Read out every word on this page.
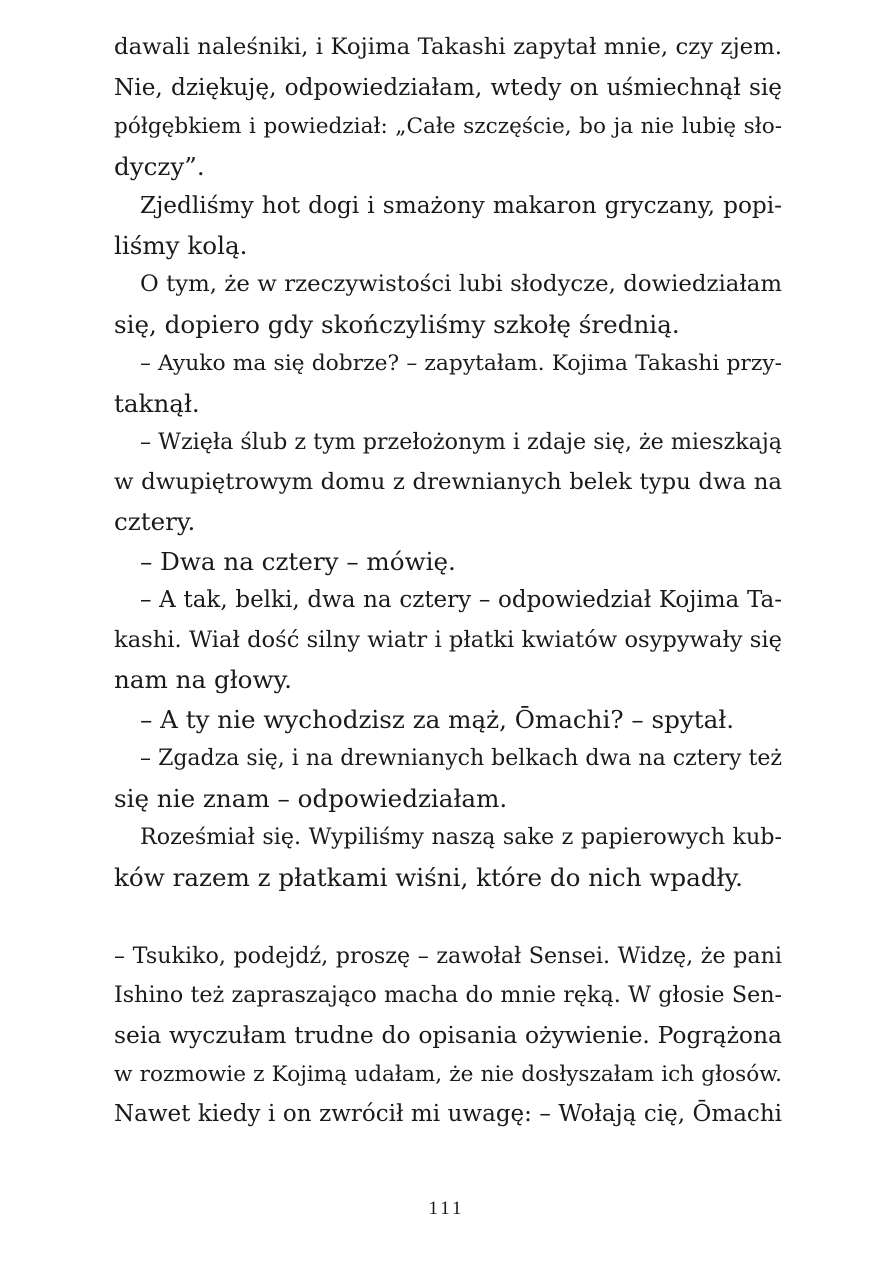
dawali naleśniki, i Kojima Takashi zapytał mnie, czy zjem.
Nie, dziękuję, odpowiedziałam, wtedy on uśmiechnął się
półgębkiem i powiedział: „Całe szczęście, bo ja nie lubię sło-
dyczy”.
Zjedliśmy hot dogi i smażony makaron gryczany, popi-
liśmy kolą.
O tym, że w rzeczywistości lubi słodycze, dowiedziałam
się, dopiero gdy skończyliśmy szkołę średnią.
– Ayuko ma się dobrze? – zapytałam. Kojima Takashi przy-
taknął.
– Wzięła ślub z tym przełożonym i zdaje się, że mieszkają
w dwupiętrowym domu z drewnianych belek typu dwa na
cztery.
– Dwa na cztery – mówię.
– A tak, belki, dwa na cztery – odpowiedział Kojima Ta-
kashi. Wiał dość silny wiatr i płatki kwiatów osypywały się
nam na głowy.
– A ty nie wychodzisz za mąż, Ōmachi? – spytał.
– Zgadza się, i na drewnianych belkach dwa na cztery też
się nie znam – odpowiedziałam.
Roześmiał się. Wypiliśmy naszą sake z papierowych kub-
ków razem z płatkami wiśni, które do nich wpadły.
– Tsukiko, podejdź, proszę – zawołał Sensei. Widzę, że pani
Ishino też zapraszająco macha do mnie ręką. W głosie Sen-
seia wyczułam trudne do opisania ożywienie. Pogrążona
w rozmowie z Kojimą udałam, że nie dosłyszałam ich głosów.
Nawet kiedy i on zwrócił mi uwagę: – Wołają cię, Ōmachi
111
